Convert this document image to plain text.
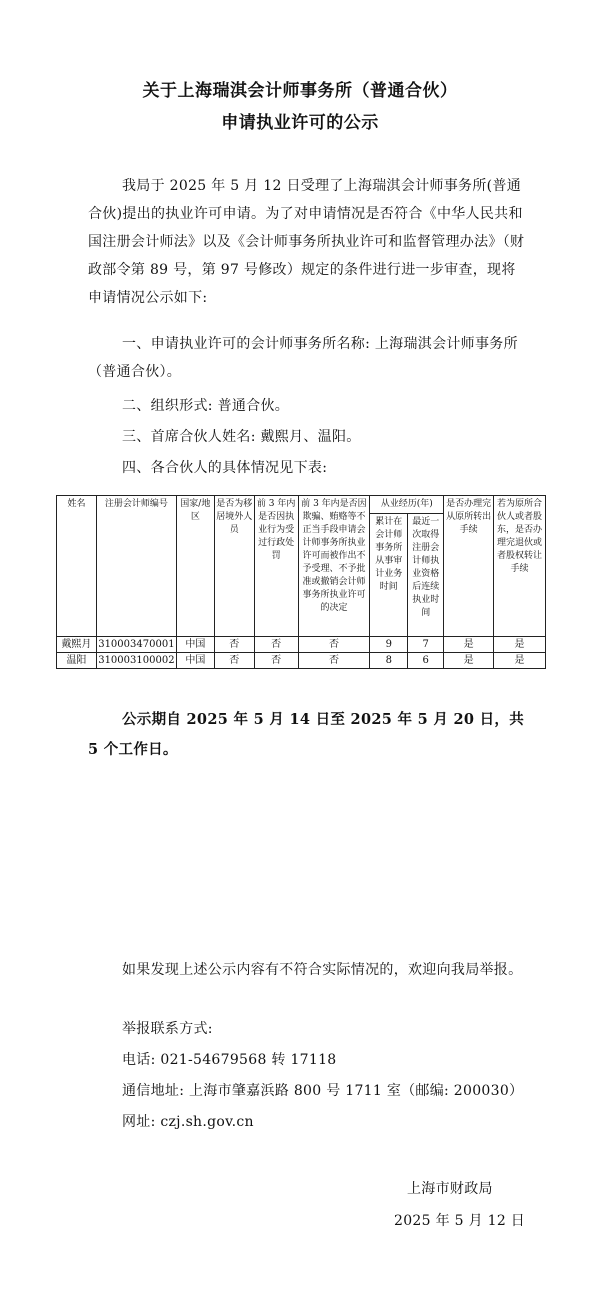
关于上海瑞淇会计师事务所（普通合伙）
申请执业许可的公示
我局于 2025 年 5 月 12 日受理了上海瑞淇会计师事务所(普通合伙)提出的执业许可申请。为了对申请情况是否符合《中华人民共和国注册会计师法》以及《会计师事务所执业许可和监督管理办法》（财政部令第 89 号，第 97 号修改）规定的条件进行进一步审查，现将申请情况公示如下:
一、申请执业许可的会计师事务所名称: 上海瑞淇会计师事务所（普通合伙）。
二、组织形式: 普通合伙。
三、首席合伙人姓名: 戴熙月、温阳。
四、各合伙人的具体情况见下表:
姓名	注册会计师编号	国家/地区	是否为移居境外人员	前 3 年内是否因执业行为受过行政处罚	前 3 年内是否因欺骗、贿赂等不正当手段申请会计师事务所执业许可而被作出不予受理、不予批准或撤销会计师事务所执业许可的决定	从业经历(年)		是否办理完从原所转出手续	若为原所合伙人或者股东，是否办理完退伙或者股权转让手续
						累计在会计师事务所从事审计业务时间	最近一次取得注册会计师执业资格后连续执业时间		
戴熙月	310003470001	中国	否	否	否	9	7	是	是
温阳	310003100002	中国	否	否	否	8	6	是	是
公示期自 2025 年 5 月 14 日至 2025 年 5 月 20 日，共 5 个工作日。
如果发现上述公示内容有不符合实际情况的，欢迎向我局举报。
举报联系方式:
电话: 021-54679568 转 17118
通信地址: 上海市肇嘉浜路 800 号 1711 室（邮编: 200030）
网址: czj.sh.gov.cn
上海市财政局
2025 年 5 月 12 日
